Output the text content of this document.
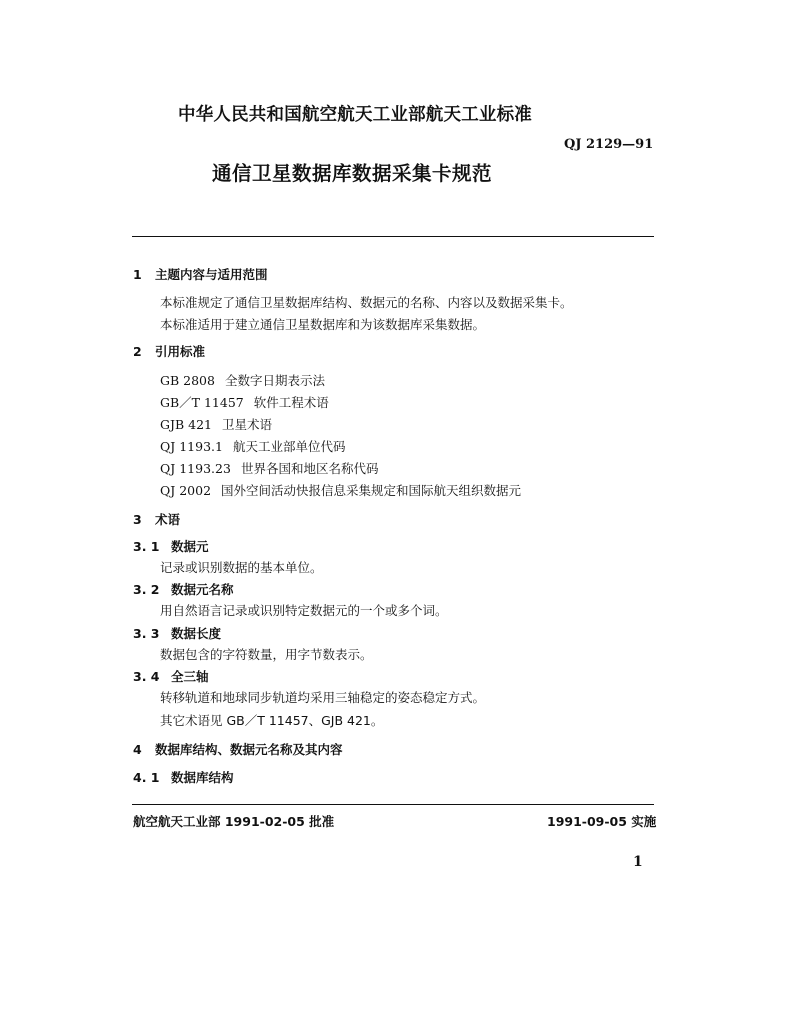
中华人民共和国航空航天工业部航天工业标准
QJ 2129—91
通信卫星数据库数据采集卡规范
1 主题内容与适用范围
本标准规定了通信卫星数据库结构、数据元的名称、内容以及数据采集卡。
本标准适用于建立通信卫星数据库和为该数据库采集数据。
2 引用标准
GB 2808 全数字日期表示法
GB／T 11457 软件工程术语
GJB 421 卫星术语
QJ 1193.1 航天工业部单位代码
QJ 1193.23 世界各国和地区名称代码
QJ 2002 国外空间活动快报信息采集规定和国际航天组织数据元
3 术语
3. 1 数据元
记录或识别数据的基本单位。
3. 2 数据元名称
用自然语言记录或识别特定数据元的一个或多个词。
3. 3 数据长度
数据包含的字符数量，用字节数表示。
3. 4 全三轴
转移轨道和地球同步轨道均采用三轴稳定的姿态稳定方式。
其它术语见 GB／T 11457、GJB 421。
4 数据库结构、数据元名称及其内容
4. 1 数据库结构
航空航天工业部 1991-02-05 批准	1991-09-05 实施
1
